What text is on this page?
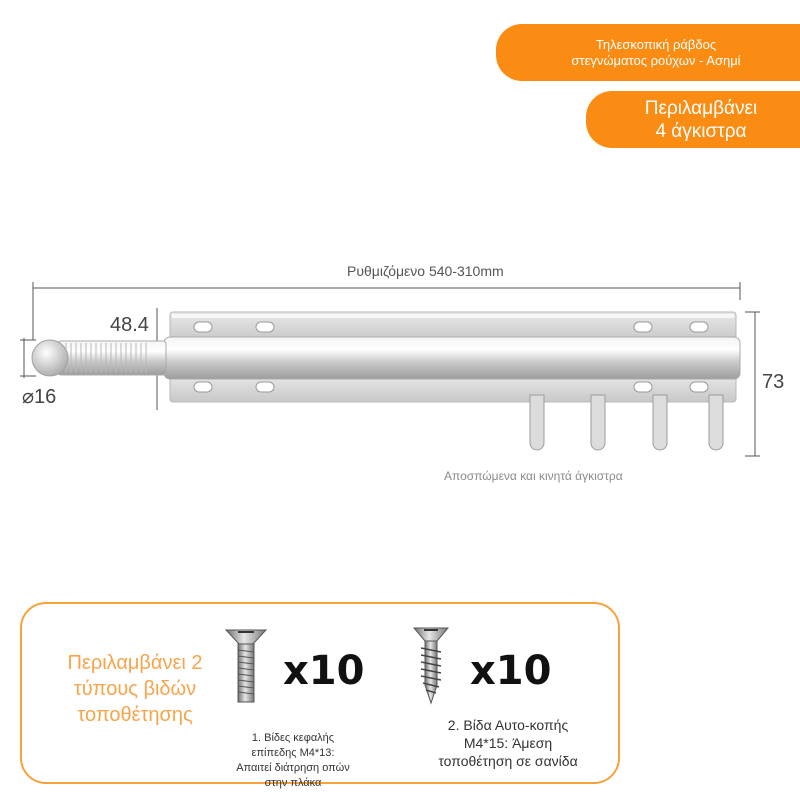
Τηλεσκοπική ράβδος
στεγνώματος ρούχων - Ασημί
Περιλαμβάνει
4 άγκιστρα
Ρυθμιζόμενο 540-310mm
48.4
⌀16
73
Αποσπώμενα και κινητά άγκιστρα
Περιλαμβάνει 2
τύπους βιδών
τοποθέτησης
x10	x10
1. Βίδες κεφαλής
επίπεδης M4*13:
Απαιτεί διάτρηση οπών
στην πλάκα
2. Βίδα Αυτο-κοπής
M4*15: Άμεση
τοποθέτηση σε σανίδα
